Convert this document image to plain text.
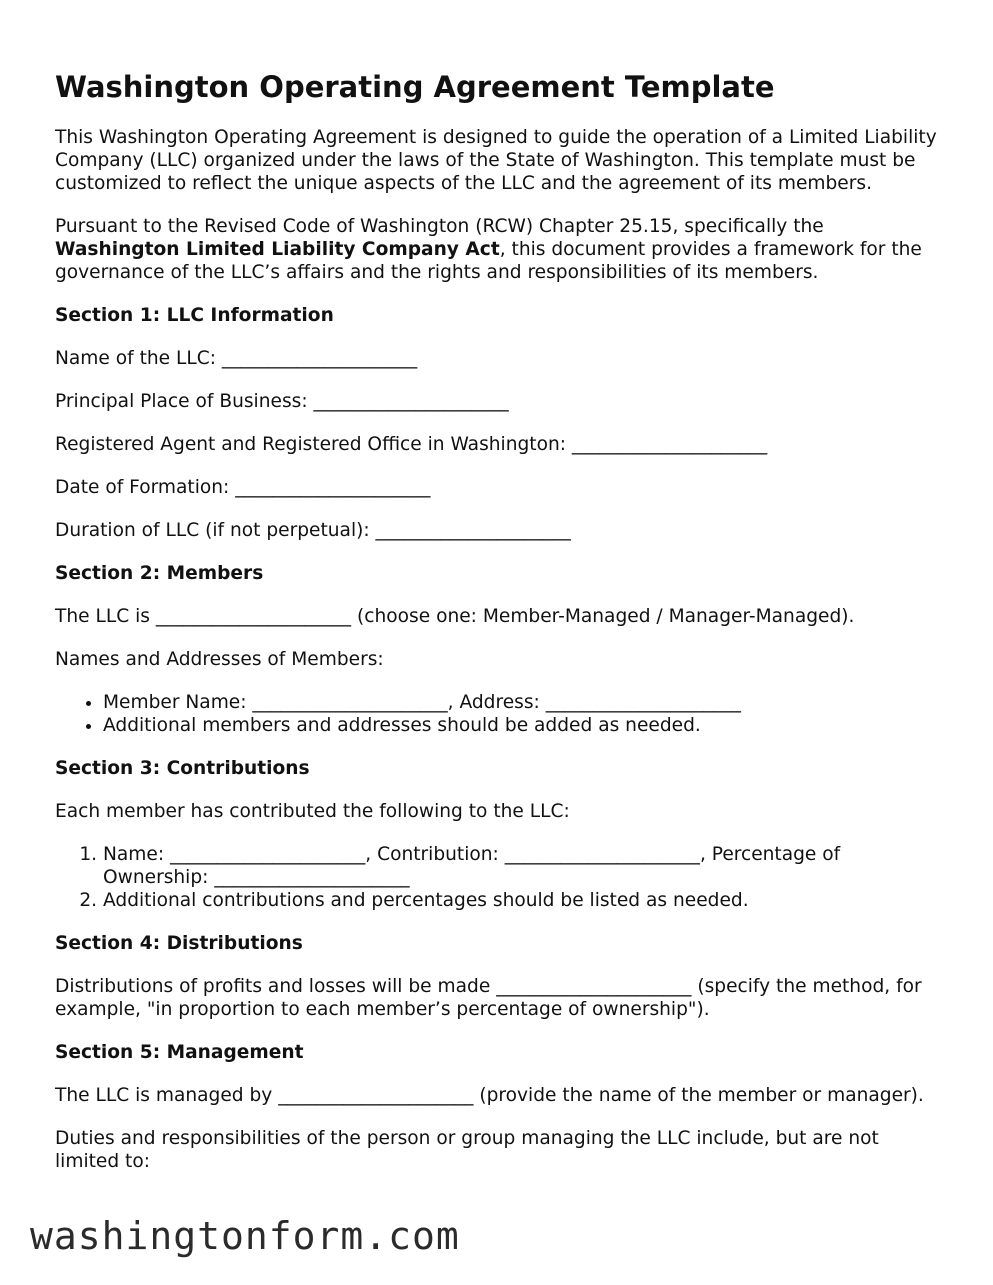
Washington Operating Agreement Template

This Washington Operating Agreement is designed to guide the operation of a Limited Liability Company (LLC) organized under the laws of the State of Washington. This template must be customized to reflect the unique aspects of the LLC and the agreement of its members.

Pursuant to the Revised Code of Washington (RCW) Chapter 25.15, specifically the Washington Limited Liability Company Act, this document provides a framework for the governance of the LLC’s affairs and the rights and responsibilities of its members.

Section 1: LLC Information

Name of the LLC: _____________________

Principal Place of Business: _____________________

Registered Agent and Registered Office in Washington: _____________________

Date of Formation: _____________________

Duration of LLC (if not perpetual): _____________________

Section 2: Members

The LLC is _____________________ (choose one: Member-Managed / Manager-Managed).

Names and Addresses of Members:

• Member Name: _____________________, Address: _____________________
• Additional members and addresses should be added as needed.
Section 3: Contributions

Each member has contributed the following to the LLC:

1. Name: _____________________, Contribution: _____________________, Percentage of Ownership: _____________________
2. Additional contributions and percentages should be listed as needed.
Section 4: Distributions

Distributions of profits and losses will be made _____________________ (specify the method, for example, "in proportion to each member’s percentage of ownership").

Section 5: Management

The LLC is managed by _____________________ (provide the name of the member or manager).

Duties and responsibilities of the person or group managing the LLC include, but are not limited to:

washingtonform.com
